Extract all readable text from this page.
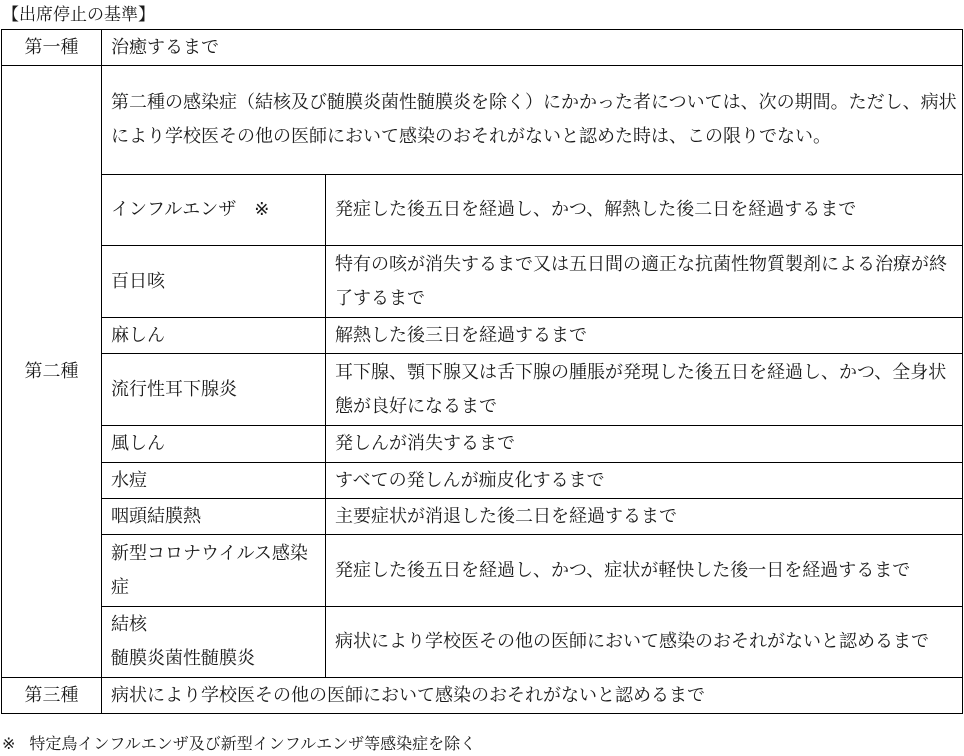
【出席停止の基準】
第一種	治癒するまで	
第二種	第二種の感染症（結核及び髄膜炎菌性髄膜炎を除く）にかかった者については、次の期間。ただし、病状により学校医その他の医師において感染のおそれがないと認めた時は、この限りでない。	
	インフルエンザ　※	発症した後五日を経過し、かつ、解熱した後二日を経過するまで
	百日咳	特有の咳が消失するまで又は五日間の適正な抗菌性物質製剤による治療が終了するまで
	麻しん	解熱した後三日を経過するまで
	流行性耳下腺炎	耳下腺、顎下腺又は舌下腺の腫脹が発現した後五日を経過し、かつ、全身状態が良好になるまで
	風しん	発しんが消失するまで
	水痘	すべての発しんが痂皮化するまで
	咽頭結膜熱	主要症状が消退した後二日を経過するまで
	新型コロナウイルス感染症	発症した後五日を経過し、かつ、症状が軽快した後一日を経過するまで

	結核
髄膜炎菌性髄膜炎	病状により学校医その他の医師において感染のおそれがないと認めるまで
第三種	病状により学校医その他の医師において感染のおそれがないと認めるまで	
※ 特定鳥インフルエンザ及び新型インフルエンザ等感染症を除く
